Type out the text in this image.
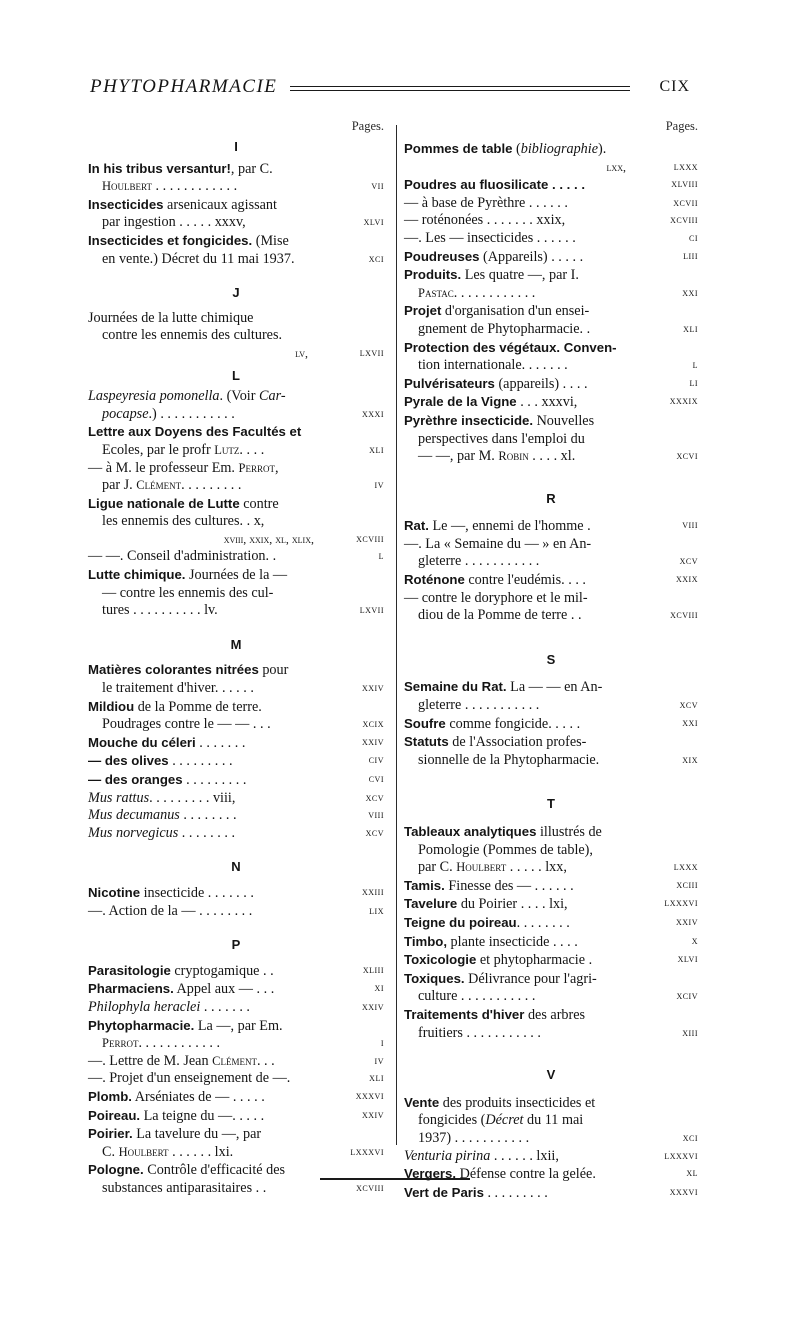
PHYTOPHARMACIE	CIX
Pages.
I
In his tribus versantur!, par C.
Houlbert . . . . . . . . . . . .	vii
Insecticides arsenicaux agissant
par ingestion . . . . . xxxv,	xlvi
Insecticides et fongicides. (Mise
en vente.) Décret du 11 mai 1937.	xci
J
Journées de la lutte chimique
contre les ennemis des cultures.
lv,	lxvii
L
Laspeyresia pomonella. (Voir Car-
pocapse.) . . . . . . . . . . .	xxxi
Lettre aux Doyens des Facultés et
Ecoles, par le profr Lutz. . . .	xli
— à M. le professeur Em. Perrot,
par J. Clément. . . . . . . . .	iv
Ligue nationale de Lutte contre
les ennemis des cultures. . x,
xviii, xxix, xl, xlix,	xcviii
— —. Conseil d'administration. .	l
Lutte chimique. Journées de la —
— contre les ennemis des cul-
tures . . . . . . . . . . lv.	lxvii
M
Matières colorantes nitrées pour
le traitement d'hiver. . . . . .	xxiv
Mildiou de la Pomme de terre.
Poudrages contre le — — . . .	xcix
Mouche du céleri . . . . . . .	xxiv
— des olives . . . . . . . . .	civ
— des oranges . . . . . . . . .	cvi
Mus rattus. . . . . . . . . viii,	xcv
Mus decumanus . . . . . . . .	viii
Mus norvegicus . . . . . . . .	xcv
N
Nicotine insecticide . . . . . . .	xxiii
—. Action de la — . . . . . . . .	lix
P
Parasitologie cryptogamique . .	xliii
Pharmaciens. Appel aux — . . .	xi
Philophyla heraclei . . . . . . .	xxiv
Phytopharmacie. La —, par Em.
Perrot. . . . . . . . . . . .	i
—. Lettre de M. Jean Clément. . .	iv
—. Projet d'un enseignement de —.	xli
Plomb. Arséniates de — . . . . .	xxxvi
Poireau. La teigne du —. . . . .	xxiv
Poirier. La tavelure du —, par
C. Houlbert . . . . . . lxi.	lxxxvi
Pologne. Contrôle d'efficacité des
substances antiparasitaires . .	xcviii
Pages.
Pommes de table (bibliographie).
lxx,	lxxx
Poudres au fluosilicate . . . . .	xlviii
— à base de Pyrèthre . . . . . .	xcvii
— roténonées . . . . . . . xxix,	xcviii
—. Les — insecticides . . . . . .	ci
Poudreuses (Appareils) . . . . .	liii
Produits. Les quatre —, par I.
Pastac. . . . . . . . . . . .	xxi
Projet d'organisation d'un ensei-
gnement de Phytopharmacie. .	xli
Protection des végétaux. Conven-
tion internationale. . . . . . .	l
Pulvérisateurs (appareils) . . . .	li
Pyrale de la Vigne . . . xxxvi,	xxxix
Pyrèthre insecticide. Nouvelles
perspectives dans l'emploi du
— —, par M. Robin . . . . xl.	xcvi
R
Rat. Le —, ennemi de l'homme .	viii
—. La « Semaine du — » en An-
gleterre . . . . . . . . . . .	xcv
Roténone contre l'eudémis. . . .	xxix
— contre le doryphore et le mil-
diou de la Pomme de terre . .	xcviii
S
Semaine du Rat. La — — en An-
gleterre . . . . . . . . . . .	xcv
Soufre comme fongicide. . . . .	xxi
Statuts de l'Association profes-
sionnelle de la Phytopharmacie.	xix
T
Tableaux analytiques illustrés de
Pomologie (Pommes de table),
par C. Houlbert . . . . . lxx,	lxxx
Tamis. Finesse des — . . . . . .	xciii
Tavelure du Poirier . . . . lxi,	lxxxvi
Teigne du poireau. . . . . . . .	xxiv
Timbo, plante insecticide . . . .	x
Toxicologie et phytopharmacie .	xlvi
Toxiques. Délivrance pour l'agri-
culture . . . . . . . . . . .	xciv
Traitements d'hiver des arbres
fruitiers . . . . . . . . . . .	xiii
V
Vente des produits insecticides et
fongicides (Décret du 11 mai
1937) . . . . . . . . . . .	xci
Venturia pirina . . . . . . lxii,	lxxxvi
Vergers. Défense contre la gelée.	xl
Vert de Paris . . . . . . . . .	xxxvi
